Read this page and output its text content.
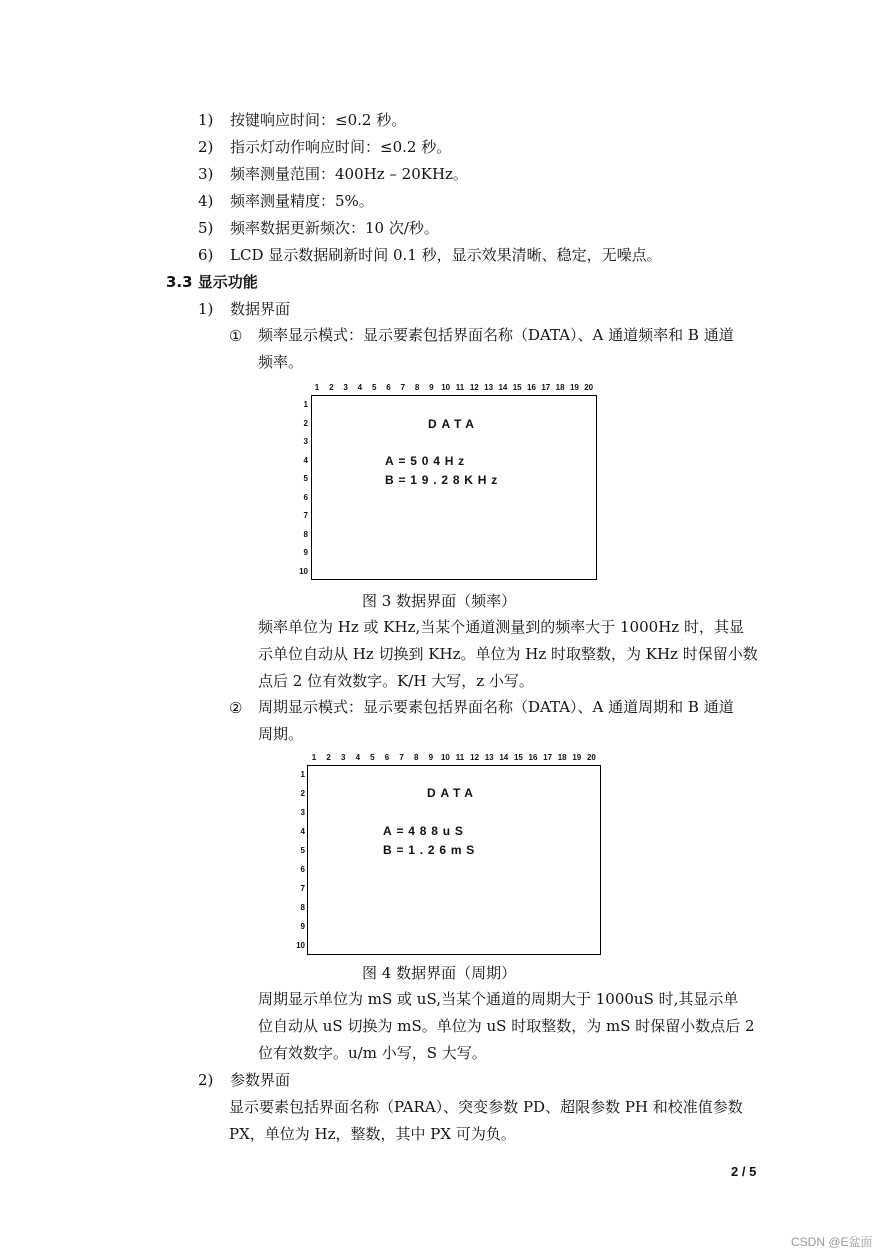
1) 按键响应时间：≤0.2 秒。
2) 指示灯动作响应时间：≤0.2 秒。
3) 频率测量范围：400Hz – 20KHz。
4) 频率测量精度：5%。
5) 频率数据更新频次：10 次/秒。
6) LCD 显示数据刷新时间 0.1 秒，显示效果清晰、稳定，无噪点。
3.3 显示功能
1) 数据界面
① 频率显示模式：显示要素包括界面名称（DATA）、A 通道频率和 B 通道
频率。
1	2	3	4	5	6	7	8	9 10 11 12 13 14 15 16 17 18 19 20
1
2
3
4
5
6
7
8
9
10
DATA
A=504Hz
B=19.28KHz
图 3 数据界面（频率）
频率单位为 Hz 或 KHz,当某个通道测量到的频率大于 1000Hz 时，其显
示单位自动从 Hz 切换到 KHz。单位为 Hz 时取整数，为 KHz 时保留小数
点后 2 位有效数字。K/H 大写，z 小写。
② 周期显示模式：显示要素包括界面名称（DATA）、A 通道周期和 B 通道
周期。
1	2	3	4	5	6	7	8	9 10 11 12 13 14 15 16 17 18 19 20
1
2
3
4
5
6
7
8
9
10
DATA
A=488uS
B=1.26mS
图 4 数据界面（周期）
周期显示单位为 mS 或 uS,当某个通道的周期大于 1000uS 时,其显示单
位自动从 uS 切换为 mS。单位为 uS 时取整数，为 mS 时保留小数点后 2
位有效数字。u/m 小写，S 大写。
2) 参数界面
显示要素包括界面名称（PARA）、突变参数 PD、超限参数 PH 和校准值参数
PX，单位为 Hz，整数，其中 PX 可为负。
2 / 5
CSDN @E盆面
